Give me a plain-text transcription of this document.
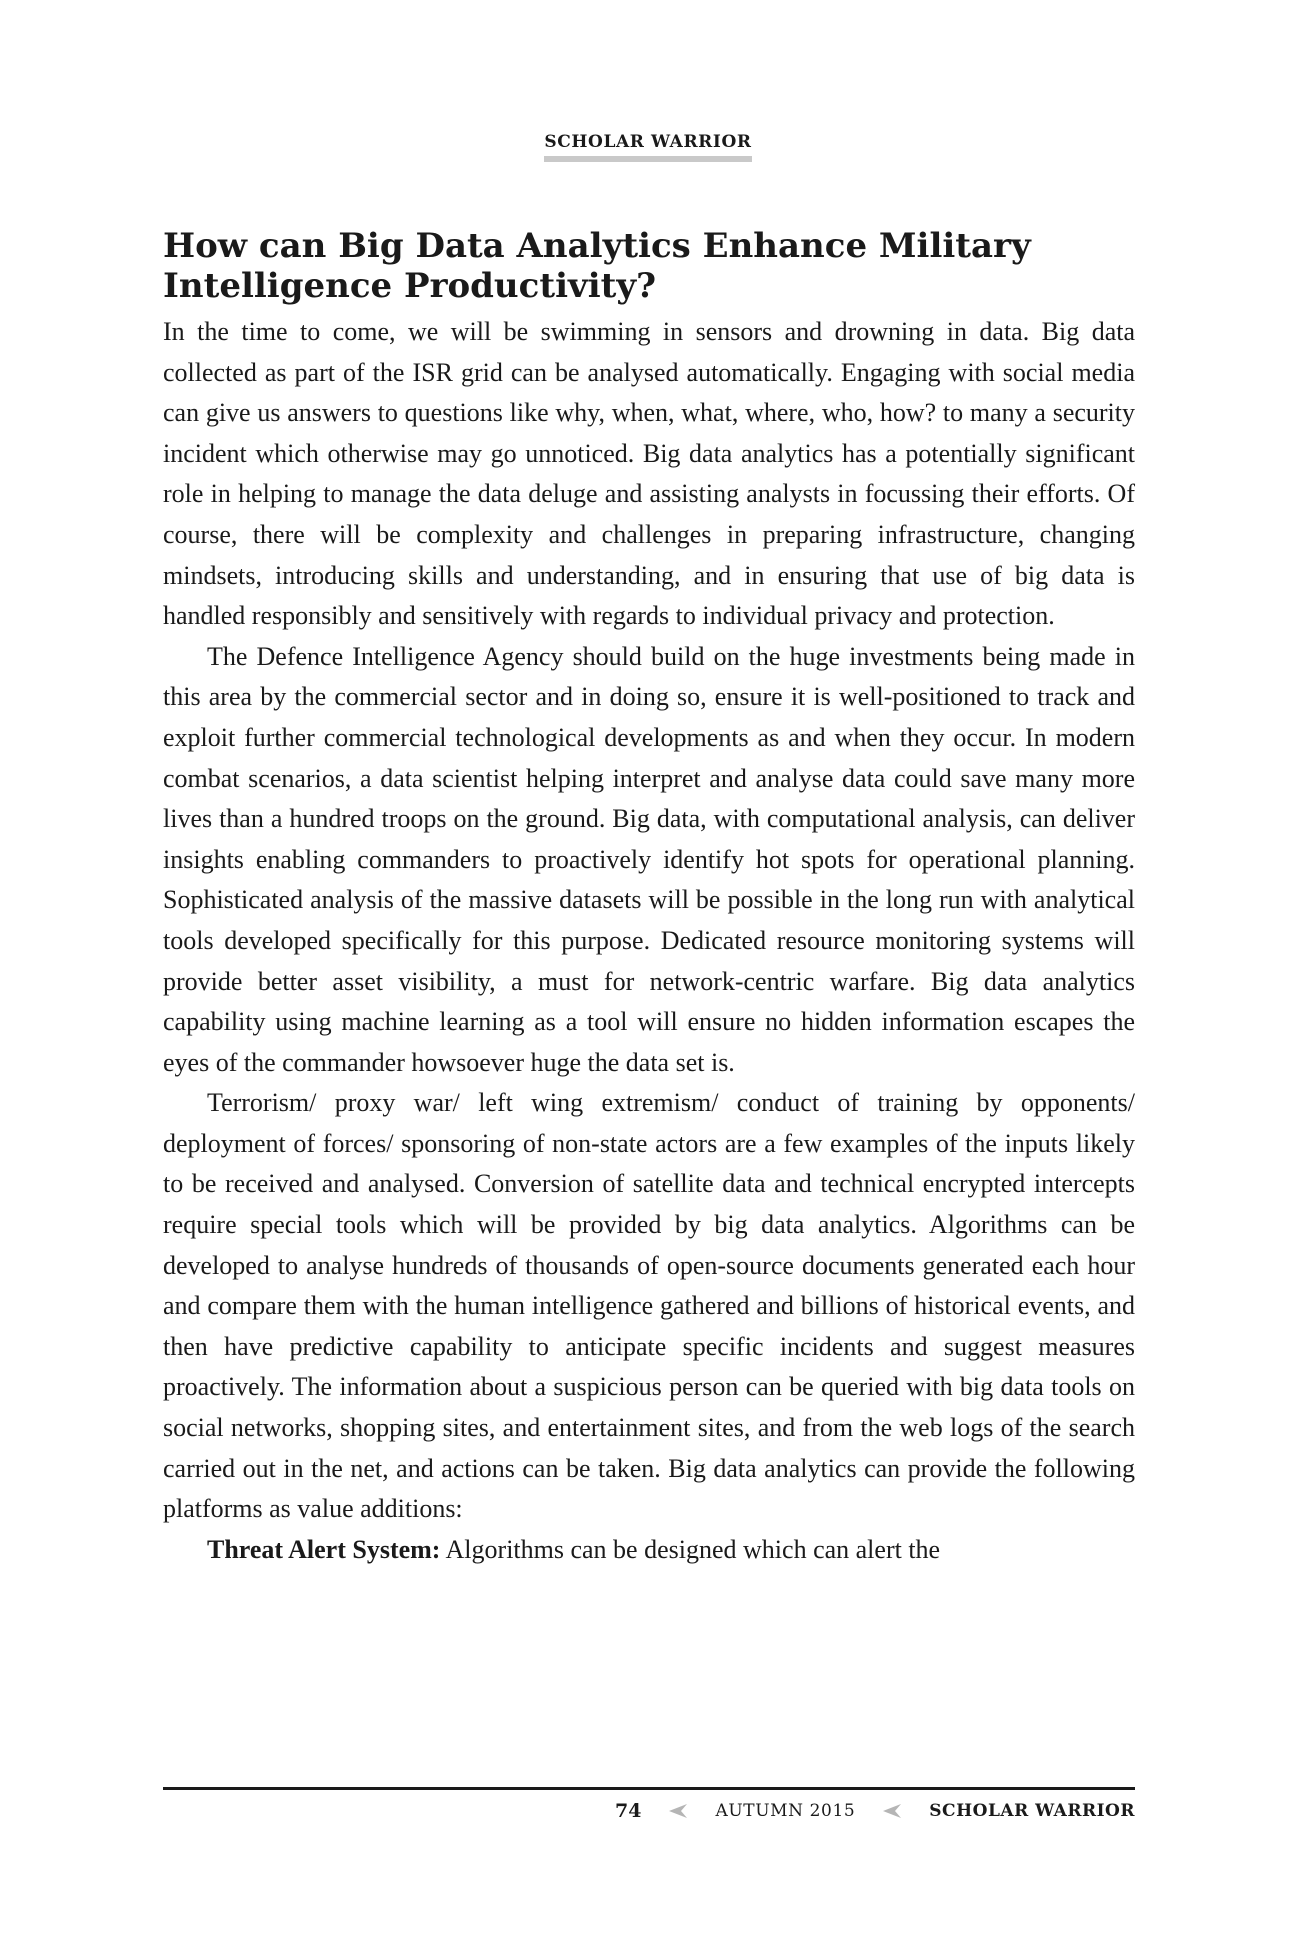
SCHOLAR WARRIOR
How can Big Data Analytics Enhance Military Intelligence Productivity?

In the time to come, we will be swimming in sensors and drowning in data. Big data collected as part of the ISR grid can be analysed automatically. Engaging with social media can give us answers to questions like why, when, what, where, who, how? to many a security incident which otherwise may go unnoticed. Big data analytics has a potentially significant role in helping to manage the data deluge and assisting analysts in focussing their efforts. Of course, there will be complexity and challenges in preparing infrastructure, changing mindsets, introducing skills and understanding, and in ensuring that use of big data is handled responsibly and sensitively with regards to individual privacy and protection.

The Defence Intelligence Agency should build on the huge investments being made in this area by the commercial sector and in doing so, ensure it is well-positioned to track and exploit further commercial technological developments as and when they occur. In modern combat scenarios, a data scientist helping interpret and analyse data could save many more lives than a hundred troops on the ground. Big data, with computational analysis, can deliver insights enabling commanders to proactively identify hot spots for operational planning. Sophisticated analysis of the massive datasets will be possible in the long run with analytical tools developed specifically for this purpose. Dedicated resource monitoring systems will provide better asset visibility, a must for network-centric warfare. Big data analytics capability using machine learning as a tool will ensure no hidden information escapes the eyes of the commander howsoever huge the data set is.

Terrorism/ proxy war/ left wing extremism/ conduct of training by opponents/ deployment of forces/ sponsoring of non-state actors are a few examples of the inputs likely to be received and analysed. Conversion of satellite data and technical encrypted intercepts require special tools which will be provided by big data analytics. Algorithms can be developed to analyse hundreds of thousands of open-source documents generated each hour and compare them with the human intelligence gathered and billions of historical events, and then have predictive capability to anticipate specific incidents and suggest measures proactively. The information about a suspicious person can be queried with big data tools on social networks, shopping sites, and entertainment sites, and from the web logs of the search carried out in the net, and actions can be taken. Big data analytics can provide the following platforms as value additions:

Threat Alert System: Algorithms can be designed which can alert the

74	AUTUMN 2015	SCHOLAR WARRIOR
